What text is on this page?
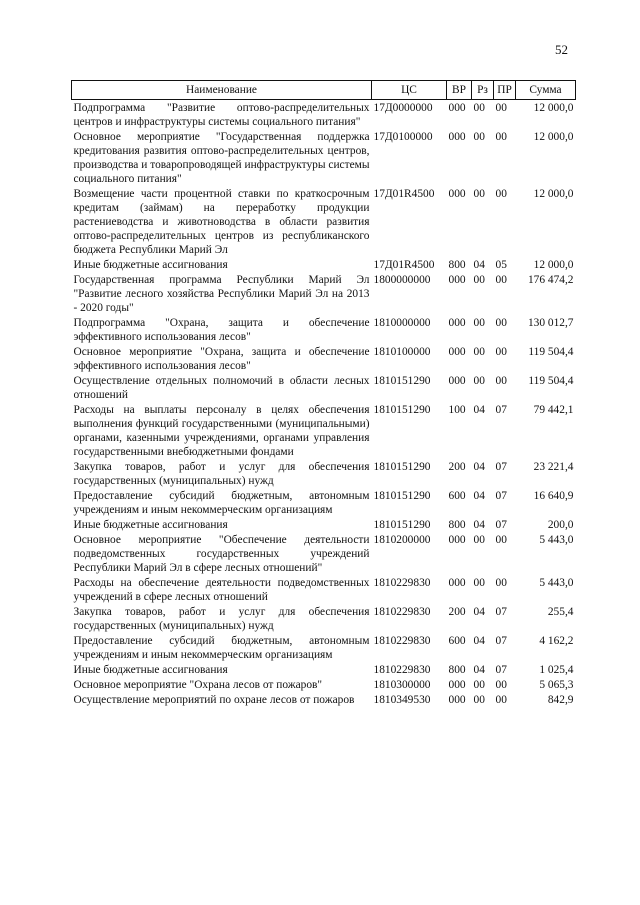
52
Наименование	ЦС	ВР	Рз	ПР	Сумма
Подпрограмма "Развитие оптово-распределительных центров и инфраструктуры системы социального питания"	17Д0000000	000	00	00	12 000,0
Основное мероприятие "Государственная поддержка кредитования развития оптово-распределительных центров, производства и товаропроводящей инфраструктуры системы социального питания"	17Д0100000	000	00	00	12 000,0
Возмещение части процентной ставки по краткосрочным кредитам (займам) на переработку продукции растениеводства и животноводства в области развития оптово-распределительных центров из республиканского бюджета Республики Марий Эл	17Д01R4500	000	00	00	12 000,0
Иные бюджетные ассигнования	17Д01R4500	800	04	05	12 000,0
Государственная программа Республики Марий Эл "Развитие лесного хозяйства Республики Марий Эл на 2013 - 2020 годы"	1800000000	000	00	00	176 474,2
Подпрограмма "Охрана, защита и обеспечение эффективного использования лесов"	1810000000	000	00	00	130 012,7
Основное мероприятие "Охрана, защита и обеспечение эффективного использования лесов"	1810100000	000	00	00	119 504,4
Осуществление отдельных полномочий в области лесных отношений	1810151290	000	00	00	119 504,4
Расходы на выплаты персоналу в целях обеспечения выполнения функций государственными (муниципальными) органами, казенными учреждениями, органами управления государственными внебюджетными фондами	1810151290	100	04	07	79 442,1
Закупка товаров, работ и услуг для обеспечения государственных (муниципальных) нужд	1810151290	200	04	07	23 221,4
Предоставление субсидий бюджетным, автономным учреждениям и иным некоммерческим организациям	1810151290	600	04	07	16 640,9
Иные бюджетные ассигнования	1810151290	800	04	07	200,0
Основное мероприятие "Обеспечение деятельности подведомственных государственных учреждений Республики Марий Эл в сфере лесных отношений"	1810200000	000	00	00	5 443,0
Расходы на обеспечение деятельности подведомственных учреждений в сфере лесных отношений	1810229830	000	00	00	5 443,0
Закупка товаров, работ и услуг для обеспечения государственных (муниципальных) нужд	1810229830	200	04	07	255,4
Предоставление субсидий бюджетным, автономным учреждениям и иным некоммерческим организациям	1810229830	600	04	07	4 162,2
Иные бюджетные ассигнования	1810229830	800	04	07	1 025,4
Основное мероприятие "Охрана лесов от пожаров"	1810300000	000	00	00	5 065,3
Осуществление мероприятий по охране лесов от пожаров	1810349530	000	00	00	842,9
